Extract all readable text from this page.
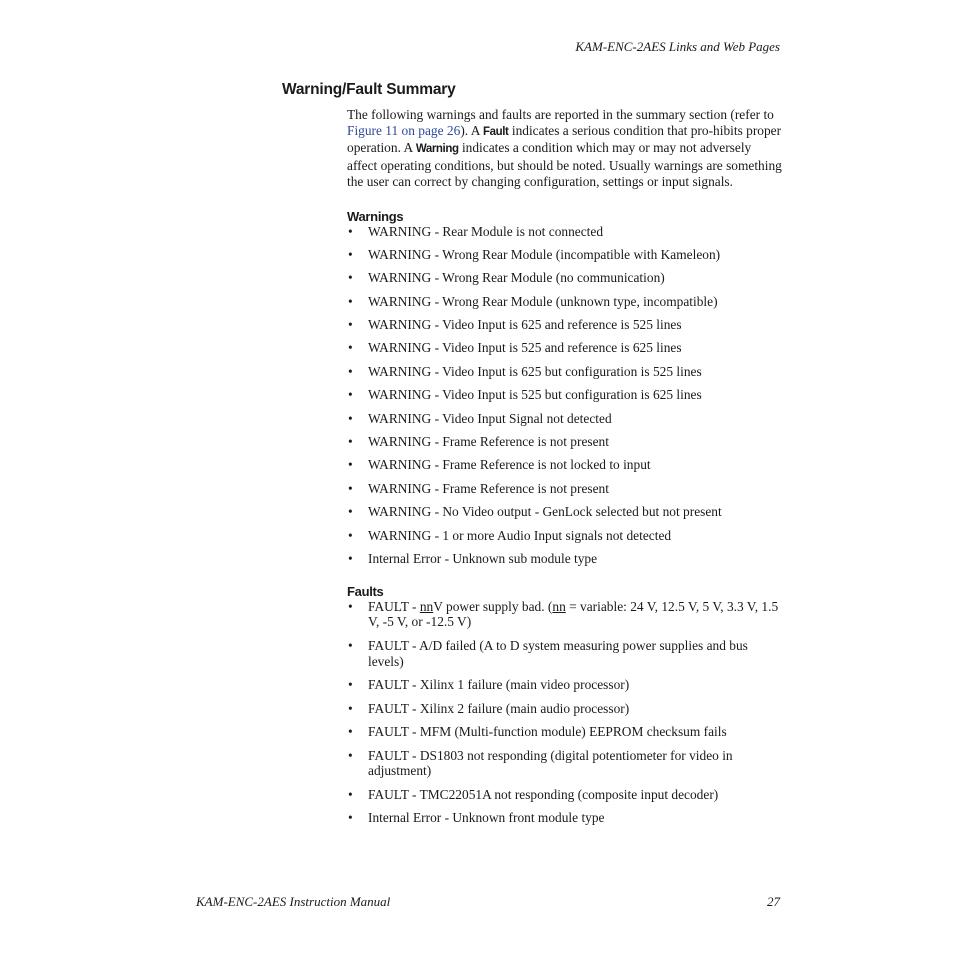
KAM-ENC-2AES Links and Web Pages
Warning/Fault Summary

The following warnings and faults are reported in the summary section (refer to Figure 11 on page 26). A Fault indicates a serious condition that pro-hibits proper operation. A Warning indicates a condition which may or may not adversely affect operating conditions, but should be noted. Usually warnings are something the user can correct by changing configuration, settings or input signals.

Warnings
• WARNING - Rear Module is not connected
• WARNING - Wrong Rear Module (incompatible with Kameleon)
• WARNING - Wrong Rear Module (no communication)
• WARNING - Wrong Rear Module (unknown type, incompatible)
• WARNING - Video Input is 625 and reference is 525 lines
• WARNING - Video Input is 525 and reference is 625 lines
• WARNING - Video Input is 625 but configuration is 525 lines
• WARNING - Video Input is 525 but configuration is 625 lines
• WARNING - Video Input Signal not detected
• WARNING - Frame Reference is not present
• WARNING - Frame Reference is not locked to input
• WARNING - Frame Reference is not present
• WARNING - No Video output - GenLock selected but not present
• WARNING - 1 or more Audio Input signals not detected
• Internal Error - Unknown sub module type
Faults
• FAULT - nnV power supply bad. (nn = variable: 24 V, 12.5 V, 5 V, 3.3 V, 1.5 V, -5 V, or -12.5 V)
• FAULT - A/D failed (A to D system measuring power supplies and bus levels)
• FAULT - Xilinx 1 failure (main video processor)
• FAULT - Xilinx 2 failure (main audio processor)
• FAULT - MFM (Multi-function module) EEPROM checksum fails
• FAULT - DS1803 not responding (digital potentiometer for video in adjustment)
• FAULT - TMC22051A not responding (composite input decoder)
• Internal Error - Unknown front module type
KAM-ENC-2AES Instruction Manual	27
